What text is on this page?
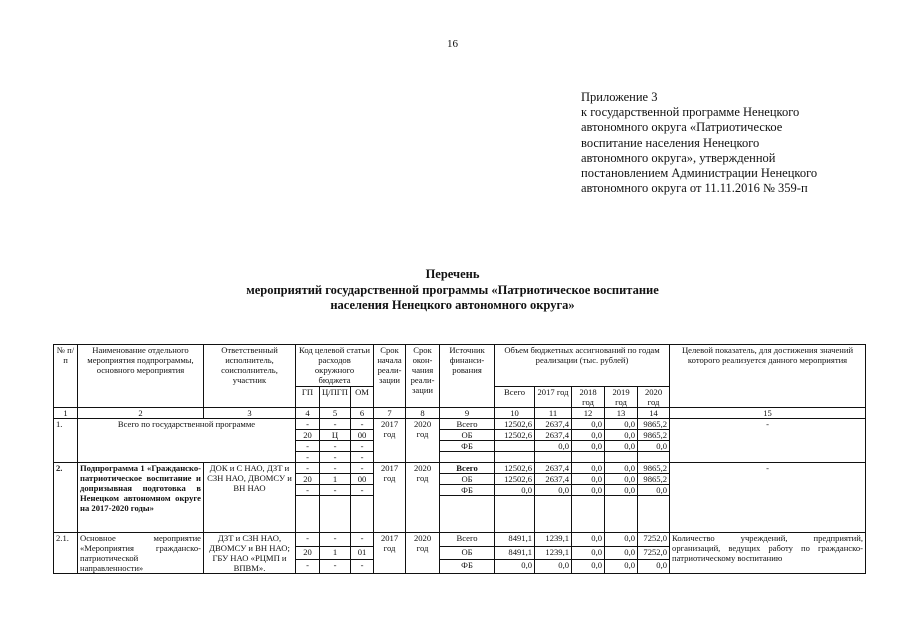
16
Приложение 3
к государственной программе Ненецкого
автономного округа «Патриотическое
воспитание населения Ненецкого
автономного округа», утвержденной
постановлением Администрации Ненецкого
автономного округа от 11.11.2016 № 359-п
Перечень
мероприятий государственной программы «Патриотическое воспитание
населения Ненецкого автономного округа»
№ п/п	Наименование отдельного мероприятия подпрограммы, основного мероприятия	Ответственный исполнитель, соисполнитель, участник	Код целевой статьи расходов окружного бюджета			Срок начала реали-зации	Срок окон-чания реали-зации	Источник финанси-рования	Объем бюджетных ассигнований по годам реализации (тыс. рублей)					Целевой показатель, для достижения значений которого реализуется данного мероприятия
			ГП	Ц/ПГП	ОМ				Всего	2017 год	2018 год	2019 год	2020 год	
1	2	3	4	5	6	7	8	9	10	11	12	13	14	15
1.	Всего по государственной программе		-	-	-	2017 год	2020 год	Всего	12502,6	2637,4	0,0	0,0	9865,2	-
			20	Ц	00			ОБ	12502,6	2637,4	0,0	0,0	9865,2	
			-	-	-			ФБ		0,0	0,0	0,0	0,0	
			-	-	-									
2.	Подпрограмма 1 «Гражданско-патриотическое воспитание и допризывная подготовка в Ненецком автономном округе на 2017-2020 годы»	ДОК и С НАО, ДЗТ и СЗН НАО, ДВОМСУ и ВН НАО	-	-	-	2017 год	2020 год	Всего	12502,6	2637,4	0,0	0,0	9865,2	-
			20	1	00			ОБ	12502,6	2637,4	0,0	0,0	9865,2	
			-	-	-			ФБ	0,0	0,0	0,0	0,0	0,0	

2.1.	Основное мероприятие «Мероприятия гражданско-патриотической направленности»	ДЗТ и СЗН НАО, ДВОМСУ и ВН НАО; ГБУ НАО «РЦМП и ВПВМ».	-	-	-	2017 год	2020 год	Всего	8491,1	1239,1	0,0	0,0	7252,0	Количество учреждений, предприятий, организаций, ведущих работу по гражданско-патриотическому воспитанию
			20	1	01			ОБ	8491,1	1239,1	0,0	0,0	7252,0	
			-	-	-			ФБ	0,0	0,0	0,0	0,0	0,0	
